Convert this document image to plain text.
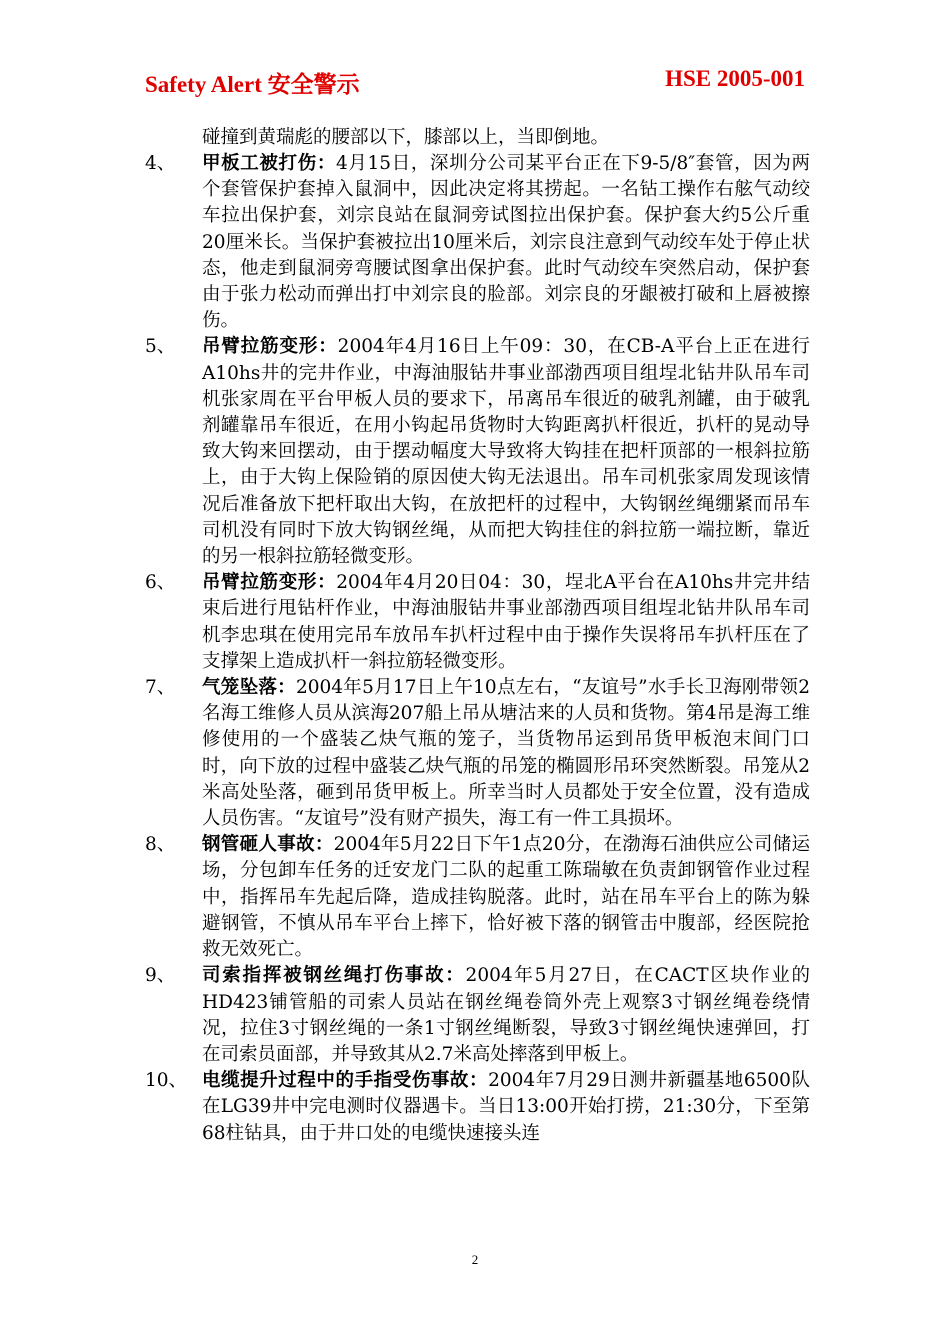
Safety Alert 安全警示	HSE 2005-001
碰撞到黄瑞彪的腰部以下，膝部以上，当即倒地。
4、	甲板工被打伤：4月15日，深圳分公司某平台正在下9-5/8″套管，因为两个套管保护套掉入鼠洞中，因此决定将其捞起。一名钻工操作右舷气动绞车拉出保护套，刘宗良站在鼠洞旁试图拉出保护套。保护套大约5公斤重20厘米长。当保护套被拉出10厘米后，刘宗良注意到气动绞车处于停止状态，他走到鼠洞旁弯腰试图拿出保护套。此时气动绞车突然启动，保护套由于张力松动而弹出打中刘宗良的脸部。刘宗良的牙龈被打破和上唇被擦伤。
5、	吊臂拉筋变形：2004年4月16日上午09：30，在CB-A平台上正在进行A10hs井的完井作业，中海油服钻井事业部渤西项目组埕北钻井队吊车司机张家周在平台甲板人员的要求下，吊离吊车很近的破乳剂罐，由于破乳剂罐靠吊车很近，在用小钩起吊货物时大钩距离扒杆很近，扒杆的晃动导致大钩来回摆动，由于摆动幅度大导致将大钩挂在把杆顶部的一根斜拉筋上，由于大钩上保险销的原因使大钩无法退出。吊车司机张家周发现该情况后准备放下把杆取出大钩，在放把杆的过程中，大钩钢丝绳绷紧而吊车司机没有同时下放大钩钢丝绳，从而把大钩挂住的斜拉筋一端拉断，靠近的另一根斜拉筋轻微变形。
6、	吊臂拉筋变形：2004年4月20日04：30，埕北A平台在A10hs井完井结束后进行甩钻杆作业，中海油服钻井事业部渤西项目组埕北钻井队吊车司机李忠琪在使用完吊车放吊车扒杆过程中由于操作失误将吊车扒杆压在了支撑架上造成扒杆一斜拉筋轻微变形。
7、	气笼坠落：2004年5月17日上午10点左右，“友谊号”水手长卫海刚带领2名海工维修人员从滨海207船上吊从塘沽来的人员和货物。第4吊是海工维修使用的一个盛装乙炔气瓶的笼子，当货物吊运到吊货甲板泡末间门口时，向下放的过程中盛装乙炔气瓶的吊笼的椭圆形吊环突然断裂。吊笼从2米高处坠落，砸到吊货甲板上。所幸当时人员都处于安全位置，没有造成人员伤害。“友谊号”没有财产损失，海工有一件工具损坏。
8、	钢管砸人事故：2004年5月22日下午1点20分，在渤海石油供应公司储运场，分包卸车任务的迁安龙门二队的起重工陈瑞敏在负责卸钢管作业过程中，指挥吊车先起后降，造成挂钩脱落。此时，站在吊车平台上的陈为躲避钢管，不慎从吊车平台上摔下，恰好被下落的钢管击中腹部，经医院抢救无效死亡。
9、	司索指挥被钢丝绳打伤事故：2004年5月27日，在CACT区块作业的HD423铺管船的司索人员站在钢丝绳卷筒外壳上观察3寸钢丝绳卷绕情况，拉住3寸钢丝绳的一条1寸钢丝绳断裂，导致3寸钢丝绳快速弹回，打在司索员面部，并导致其从2.7米高处摔落到甲板上。
10、 电缆提升过程中的手指受伤事故：2004年7月29日测井新疆基地6500队在LG39井中完电测时仪器遇卡。当日13:00开始打捞，21:30分，下至第68柱钻具，由于井口处的电缆快速接头连
2
